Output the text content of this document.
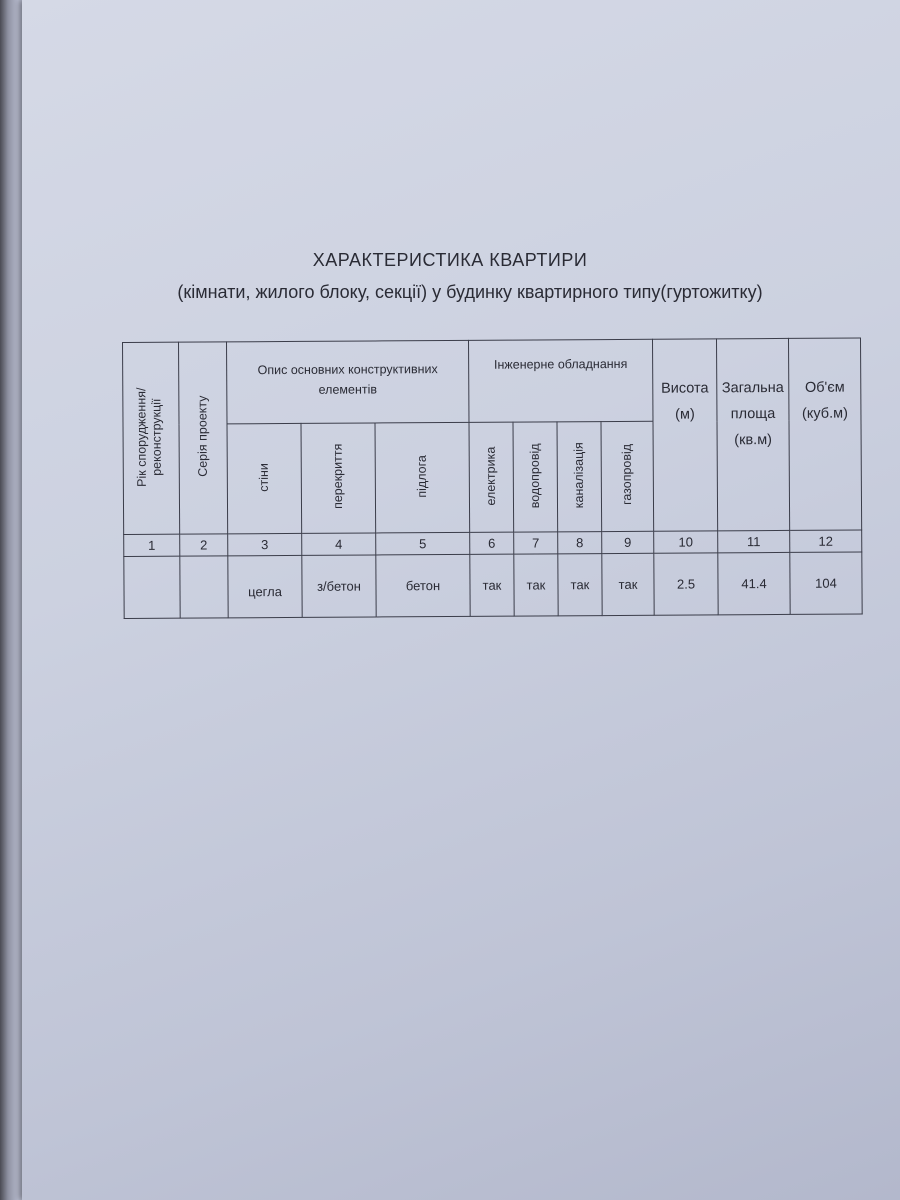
ХАРАКТЕРИСТИКА КВАРТИРИ
(кімнати, жилого блоку, секції) у будинку квартирного типу(гуртожитку)
Рік спорудження/ реконструкції	Серія проекту	Опис основних конструктивних елементів			Інженерне обладнання				Висота (м)	Загальна площа (кв.м)	Об'єм (куб.м)
		стіни	перекриття	підлога	електрика	водопровід	каналізація	газопровід			
1	2	3	4	5	6	7	8	9	10	11	12
		цегла	з/бетон	бетон	так	так	так	так	2.5	41.4	104
